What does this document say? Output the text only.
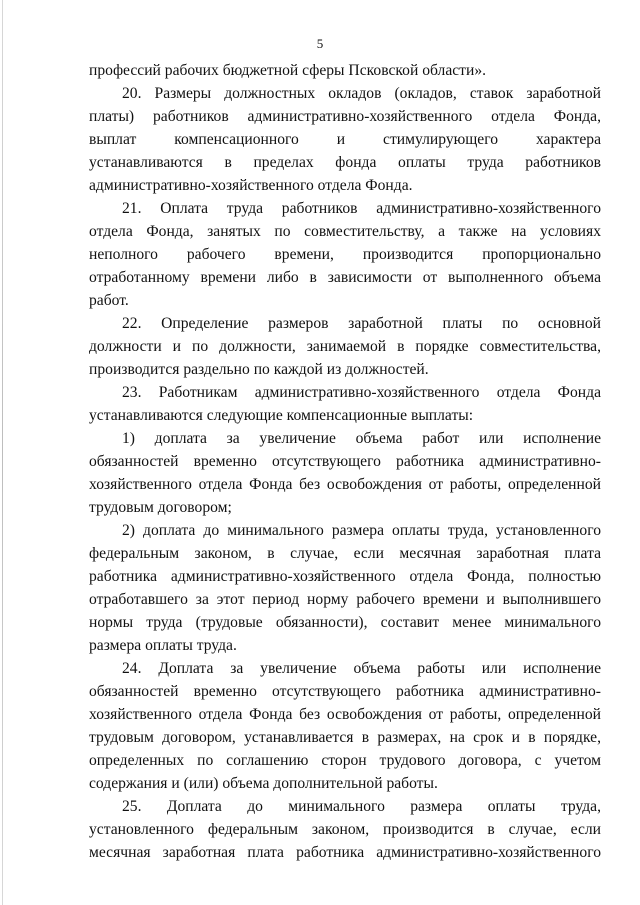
5
профессий рабочих бюджетной сферы Псковской области».
20. Размеры должностных окладов (окладов, ставок заработной
платы) работников административно-хозяйственного отдела Фонда,
выплат компенсационного и стимулирующего характера
устанавливаются в пределах фонда оплаты труда работников
административно-хозяйственного отдела Фонда.
21. Оплата труда работников административно-хозяйственного
отдела Фонда, занятых по совместительству, а также на условиях
неполного рабочего времени, производится пропорционально
отработанному времени либо в зависимости от выполненного объема
работ.
22. Определение размеров заработной платы по основной
должности и по должности, занимаемой в порядке совместительства,
производится раздельно по каждой из должностей.
23. Работникам административно-хозяйственного отдела Фонда
устанавливаются следующие компенсационные выплаты:
1) доплата за увеличение объема работ или исполнение
обязанностей временно отсутствующего работника административно-
хозяйственного отдела Фонда без освобождения от работы, определенной
трудовым договором;
2) доплата до минимального размера оплаты труда, установленного
федеральным законом, в случае, если месячная заработная плата
работника административно-хозяйственного отдела Фонда, полностью
отработавшего за этот период норму рабочего времени и выполнившего
нормы труда (трудовые обязанности), составит менее минимального
размера оплаты труда.
24. Доплата за увеличение объема работы или исполнение
обязанностей временно отсутствующего работника административно-
хозяйственного отдела Фонда без освобождения от работы, определенной
трудовым договором, устанавливается в размерах, на срок и в порядке,
определенных по соглашению сторон трудового договора, с учетом
содержания и (или) объема дополнительной работы.
25. Доплата до минимального размера оплаты труда,
установленного федеральным законом, производится в случае, если
месячная заработная плата работника административно-хозяйственного
